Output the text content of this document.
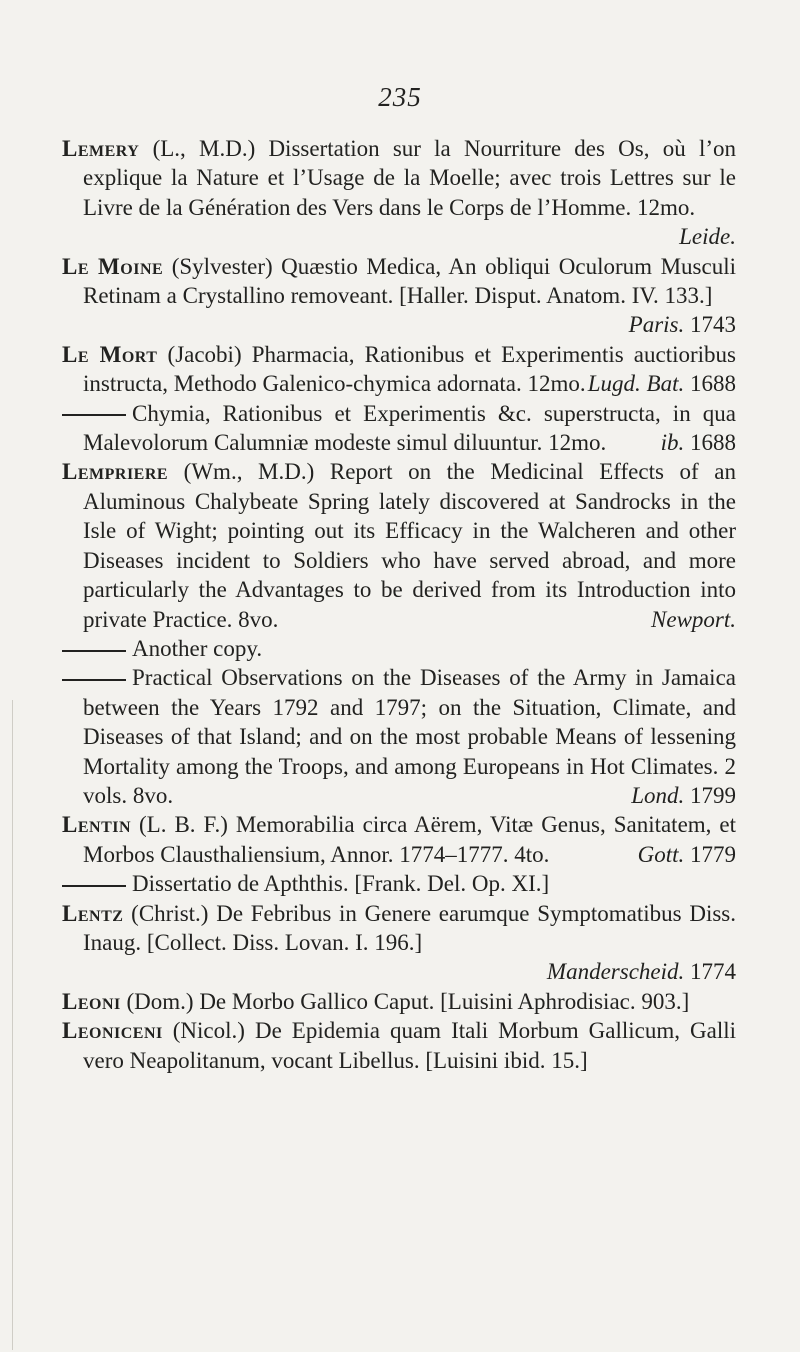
235

Lemery (L., M.D.) Dissertation sur la Nourriture des Os, où l’on explique la Nature et l’Usage de la Moelle; avec trois Lettres sur le Livre de la Génération des Vers dans le Corps de l’Homme. 12mo.
Leide.

Le Moine (Sylvester) Quæstio Medica, An obliqui Oculorum Musculi Retinam a Crystallino removeant. [Haller. Disput. Anatom. IV. 133.]
Paris. 1743

Le Mort (Jacobi) Pharmacia, Rationibus et Experimentis auctioribus instructa, Methodo Galenico-chymica adornata. 12mo. Lugd. Bat. 1688

Chymia, Rationibus et Experimentis &c. superstructa, in qua Malevolorum Calumniæ modeste simul diluuntur. 12mo. ib. 1688

Lempriere (Wm., M.D.) Report on the Medicinal Effects of an Aluminous Chalybeate Spring lately discovered at Sandrocks in the Isle of Wight; pointing out its Efficacy in the Walcheren and other Diseases incident to Soldiers who have served abroad, and more particularly the Advantages to be derived from its Introduction into private Practice. 8vo.	Newport.

Another copy.

Practical Observations on the Diseases of the Army in Jamaica between the Years 1792 and 1797; on the Situation, Climate, and Diseases of that Island; and on the most probable Means of lessening Mortality among the Troops, and among Europeans in Hot Climates. 2 vols. 8vo.	Lond. 1799

Lentin (L. B. F.) Memorabilia circa Aërem, Vitæ Genus, Sanitatem, et Morbos Clausthaliensium, Annor. 1774–1777. 4to.	Gott. 1779

Dissertatio de Apththis. [Frank. Del. Op. XI.]

Lentz (Christ.) De Febribus in Genere earumque Symptomatibus Diss. Inaug. [Collect. Diss. Lovan. I. 196.]
Manderscheid. 1774

Leoni (Dom.) De Morbo Gallico Caput. [Luisini Aphrodisiac. 903.]

Leoniceni (Nicol.) De Epidemia quam Itali Morbum Gallicum, Galli vero Neapolitanum, vocant Libellus. [Luisini ibid. 15.]
